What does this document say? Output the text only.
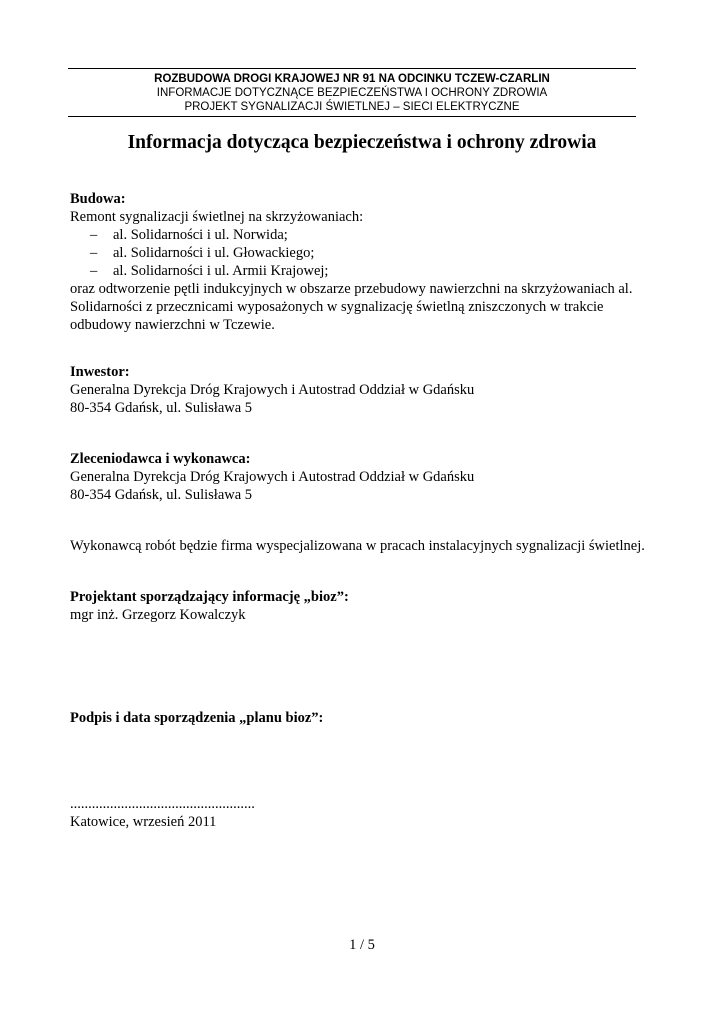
ROZBUDOWA DROGI KRAJOWEJ NR 91 NA ODCINKU TCZEW-CZARLIN
INFORMACJE DOTYCZNĄCE BEZPIECZEŃSTWA I OCHRONY ZDROWIA
PROJEKT SYGNALIZACJI ŚWIETLNEJ – SIECI ELEKTRYCZNE
Informacja dotycząca bezpieczeństwa i ochrony zdrowia
Budowa:
Remont sygnalizacji świetlnej na skrzyżowaniach:
– al. Solidarności i ul. Norwida;
– al. Solidarności i ul. Głowackiego;
– al. Solidarności i ul. Armii Krajowej;
oraz odtworzenie pętli indukcyjnych w obszarze przebudowy nawierzchni na skrzyżowaniach al.
Solidarności z przecznicami wyposażonych w sygnalizację świetlną zniszczonych w trakcie
odbudowy nawierzchni w Tczewie.
Inwestor:
Generalna Dyrekcja Dróg Krajowych i Autostrad Oddział w Gdańsku
80-354 Gdańsk, ul. Sulisława 5
Zleceniodawca i wykonawca:
Generalna Dyrekcja Dróg Krajowych i Autostrad Oddział w Gdańsku
80-354 Gdańsk, ul. Sulisława 5
Wykonawcą robót będzie firma wyspecjalizowana w pracach instalacyjnych sygnalizacji świetlnej.
Projektant sporządzający informację „bioz”:
mgr inż. Grzegorz Kowalczyk
Podpis i data sporządzenia „planu bioz”:
...................................................
Katowice, wrzesień 2011
1 / 5
